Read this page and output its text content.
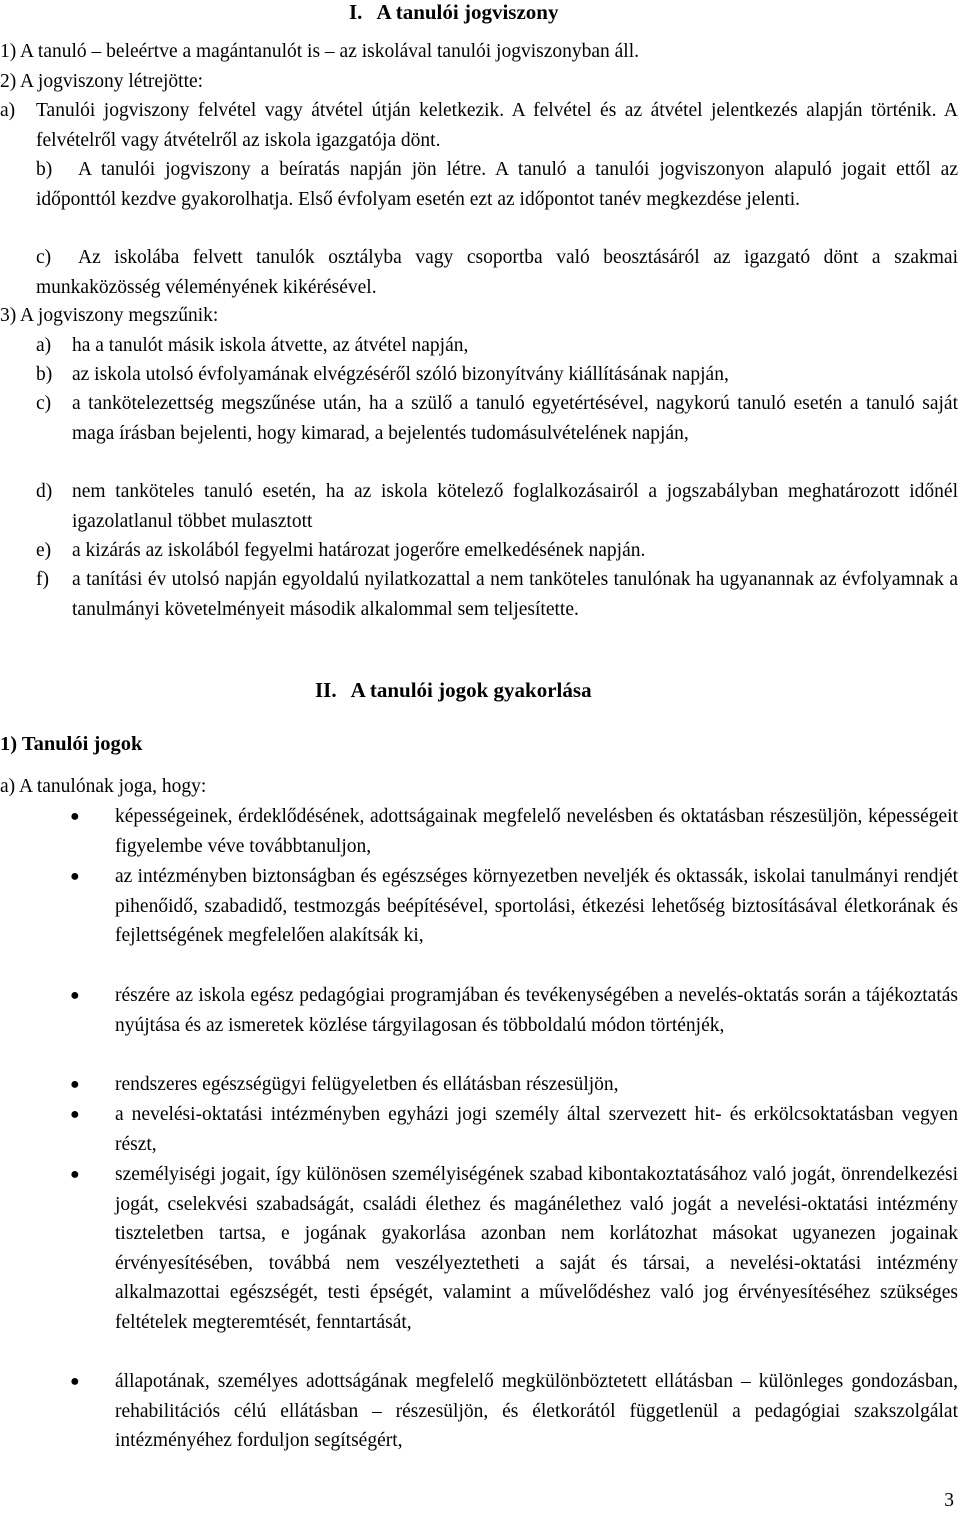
I. A tanulói jogviszony
1) A tanuló – beleértve a magántanulót is – az iskolával tanulói jogviszonyban áll.
2) A jogviszony létrejötte:
a) Tanulói jogviszony felvétel vagy átvétel útján keletkezik. A felvétel és az átvétel jelentkezés alapján történik. A felvételről vagy átvételről az iskola igazgatója dönt.
b)	A tanulói jogviszony a beíratás napján jön létre. A tanuló a tanulói jogviszonyon alapuló jogait ettől az időponttól kezdve gyakorolhatja. Első évfolyam esetén ezt az időpontot tanév megkezdése jelenti.
c)	Az iskolába felvett tanulók osztályba vagy csoportba való beosztásáról az igazgató dönt a szakmai munkaközösség véleményének kikérésével.
3) A jogviszony megszűnik:
a) ha a tanulót másik iskola átvette, az átvétel napján,
b) az iskola utolsó évfolyamának elvégzéséről szóló bizonyítvány kiállításának napján,
c) a tankötelezettség megszűnése után, ha a szülő a tanuló egyetértésével, nagykorú tanuló esetén a tanuló saját maga írásban bejelenti, hogy kimarad, a bejelentés tudomásulvételének napján,
d) nem tanköteles tanuló esetén, ha az iskola kötelező foglalkozásairól a jogszabályban meghatározott időnél igazolatlanul többet mulasztott
e) a kizárás az iskolából fegyelmi határozat jogerőre emelkedésének napján.
f) a tanítási év utolsó napján egyoldalú nyilatkozattal a nem tanköteles tanulónak ha ugyanannak az évfolyamnak a tanulmányi követelményeit második alkalommal sem teljesítette.
II. A tanulói jogok gyakorlása
1) Tanulói jogok
a) A tanulónak joga, hogy:
● képességeinek, érdeklődésének, adottságainak megfelelő nevelésben és oktatásban részesüljön, képességeit figyelembe véve továbbtanuljon,
● az intézményben biztonságban és egészséges környezetben neveljék és oktassák, iskolai tanulmányi rendjét pihenőidő, szabadidő, testmozgás beépítésével, sportolási, étkezési lehetőség biztosításával életkorának és fejlettségének megfelelően alakítsák ki,
● részére az iskola egész pedagógiai programjában és tevékenységében a nevelés-oktatás során a tájékoztatás nyújtása és az ismeretek közlése tárgyilagosan és többoldalú módon történjék,
● rendszeres egészségügyi felügyeletben és ellátásban részesüljön,
● a nevelési-oktatási intézményben egyházi jogi személy által szervezett hit- és erkölcsoktatásban vegyen részt,
● személyiségi jogait, így különösen személyiségének szabad kibontakoztatásához való jogát, önrendelkezési jogát, cselekvési szabadságát, családi élethez és magánélethez való jogát a nevelési-oktatási intézmény tiszteletben tartsa, e jogának gyakorlása azonban nem korlátozhat másokat ugyanezen jogainak érvényesítésében, továbbá nem veszélyeztetheti a saját és társai, a nevelési-oktatási intézmény alkalmazottai egészségét, testi épségét, valamint a művelődéshez való jog érvényesítéséhez szükséges feltételek megteremtését, fenntartását,
● állapotának, személyes adottságának megfelelő megkülönböztetett ellátásban – különleges gondozásban, rehabilitációs célú ellátásban – részesüljön, és életkorától függetlenül a pedagógiai szakszolgálat intézményéhez forduljon segítségért,
3
